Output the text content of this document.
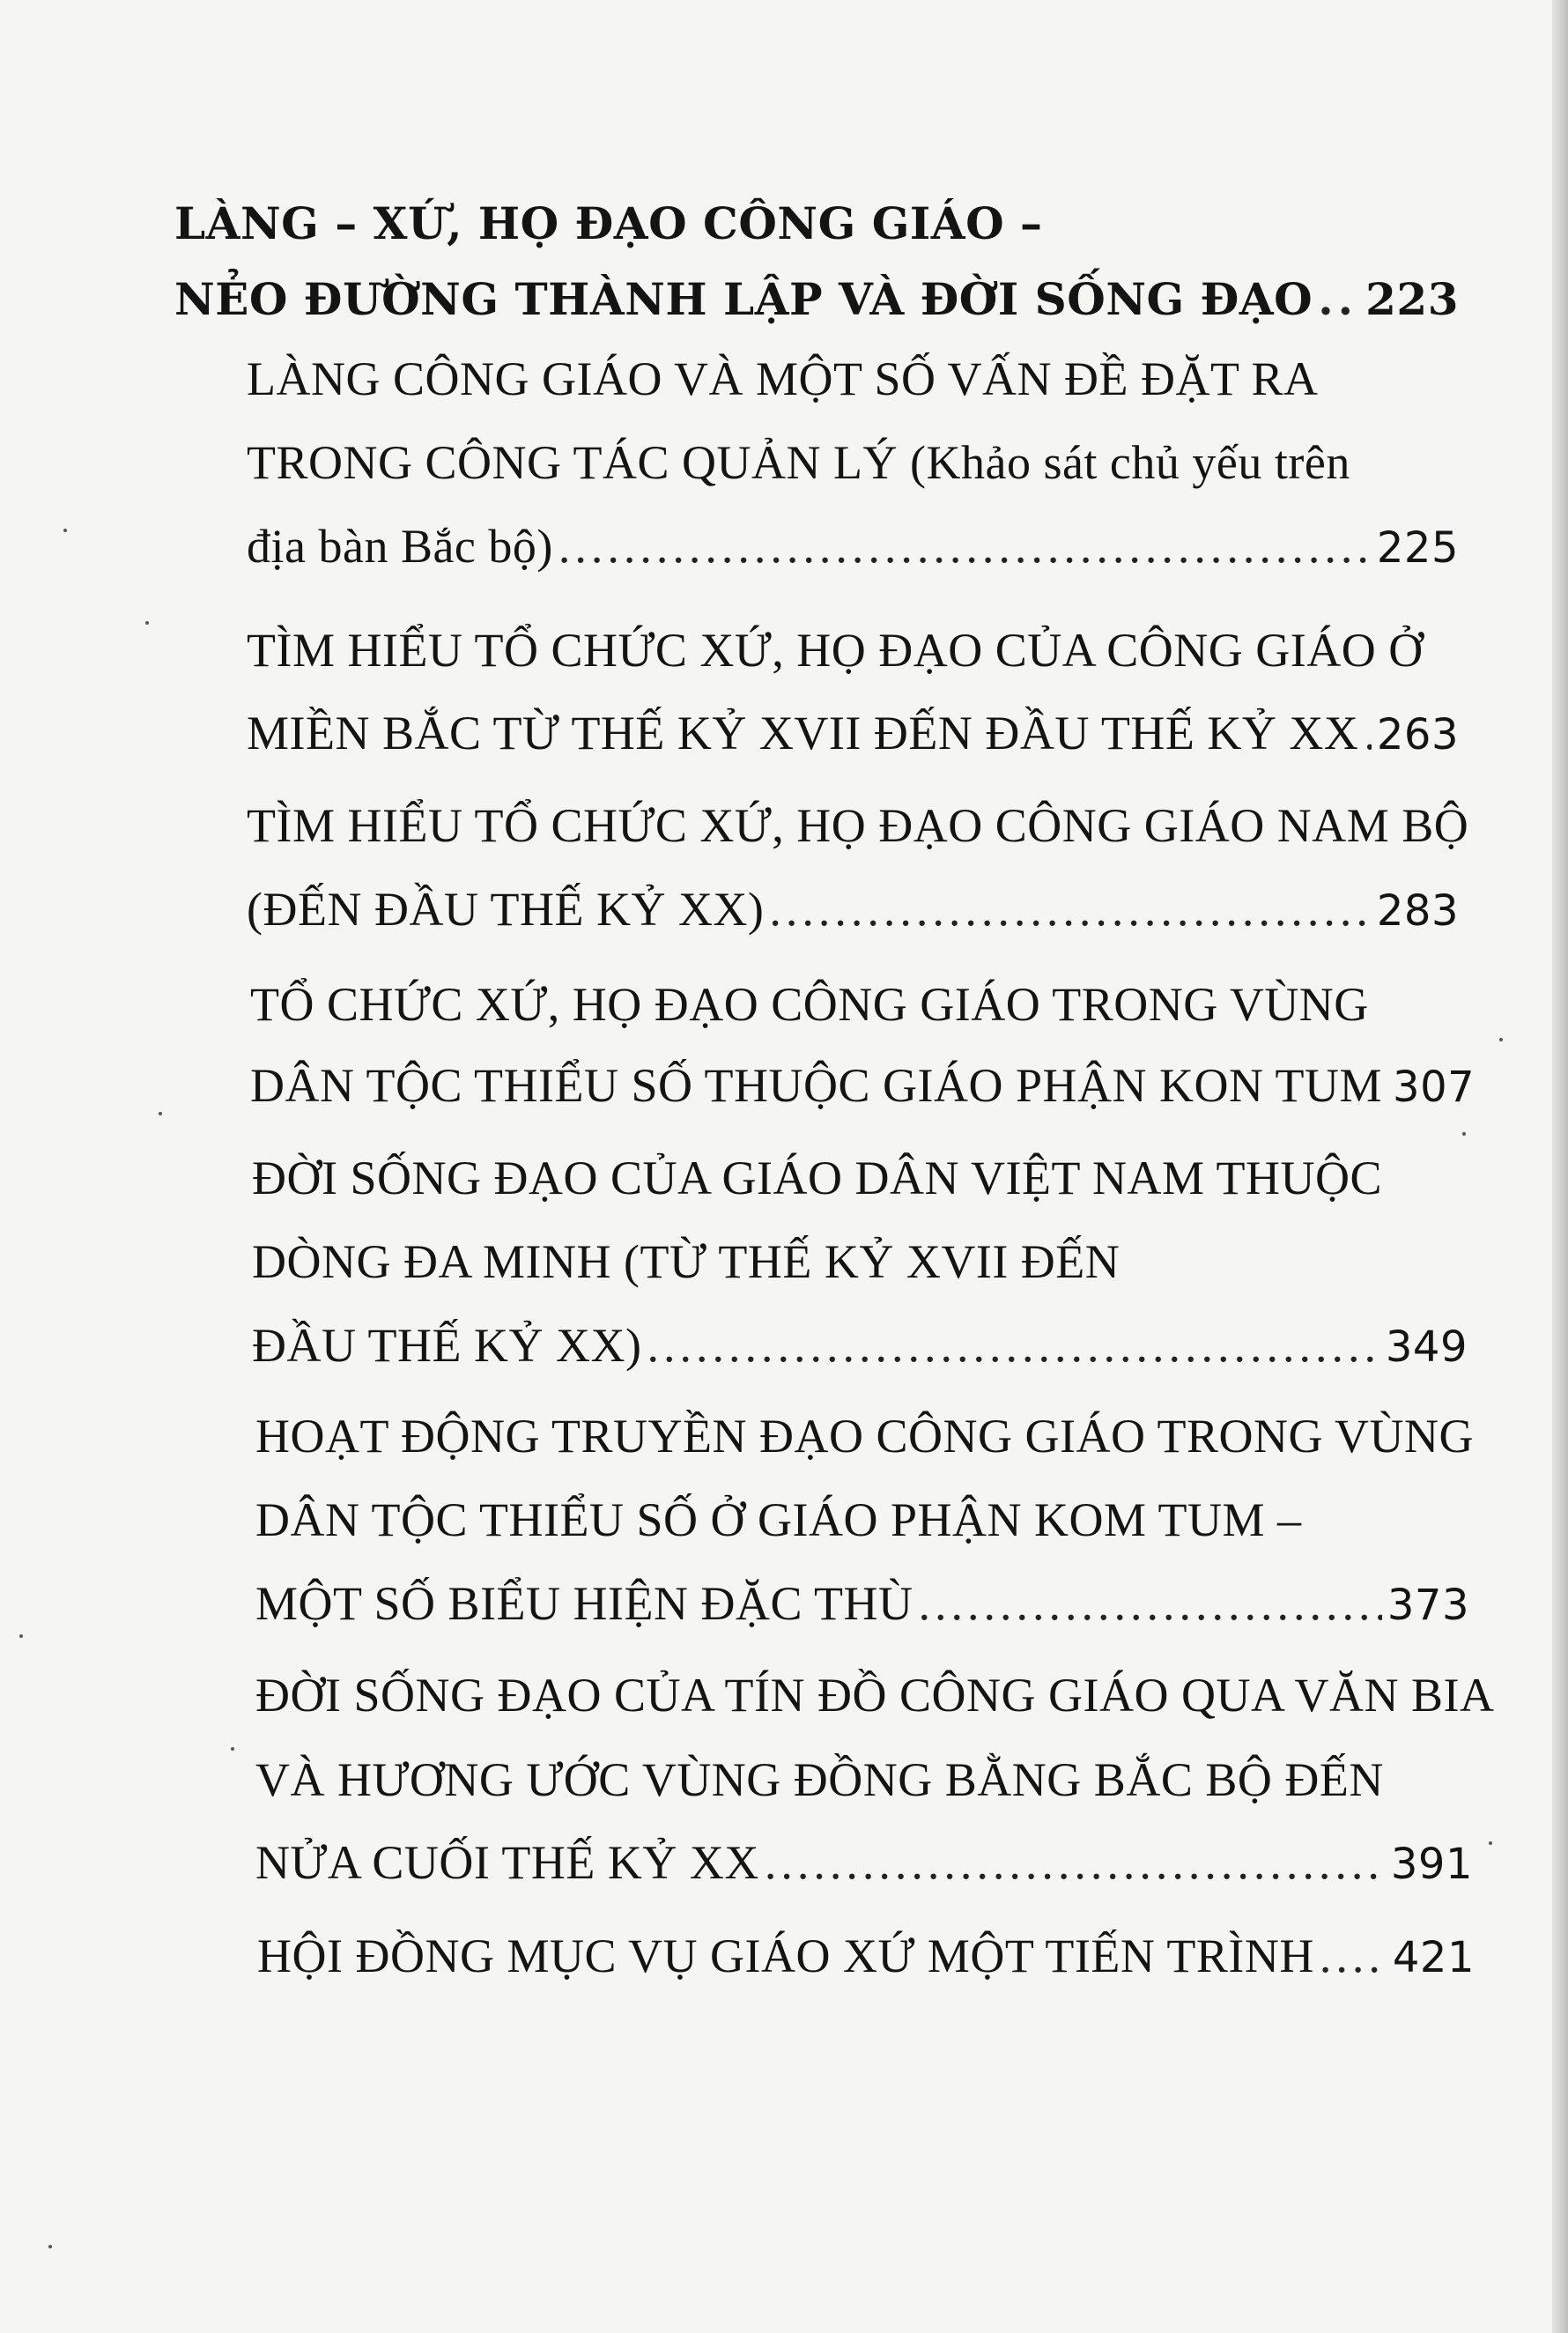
LÀNG – XỨ, HỌ ĐẠO CÔNG GIÁO –
NẺO ĐƯỜNG THÀNH LẬP VÀ ĐỜI SỐNG ĐẠO ..... 223
LÀNG CÔNG GIÁO VÀ MỘT SỐ VẤN ĐỀ ĐẶT RA
TRONG CÔNG TÁC QUẢN LÝ (Khảo sát chủ yếu trên
địa bàn Bắc bộ) .....	225
TÌM HIỂU TỔ CHỨC XỨ, HỌ ĐẠO CỦA CÔNG GIÁO Ở
MIỀN BẮC TỪ THẾ KỶ XVII ĐẾN ĐẦU THẾ KỶ XX ..... 263
TÌM HIỂU TỔ CHỨC XỨ, HỌ ĐẠO CÔNG GIÁO NAM BỘ
(ĐẾN ĐẦU THẾ KỶ XX) .....	283
TỔ CHỨC XỨ, HỌ ĐẠO CÔNG GIÁO TRONG VÙNG
DÂN TỘC THIỂU SỐ THUỘC GIÁO PHẬN KON TUM 307
ĐỜI SỐNG ĐẠO CỦA GIÁO DÂN VIỆT NAM THUỘC
DÒNG ĐA MINH (TỪ THẾ KỶ XVII ĐẾN
ĐẦU THẾ KỶ XX) .....	349
HOẠT ĐỘNG TRUYỀN ĐẠO CÔNG GIÁO TRONG VÙNG
DÂN TỘC THIỂU SỐ Ở GIÁO PHẬN KOM TUM –
MỘT SỐ BIỂU HIỆN ĐẶC THÙ .....	373
ĐỜI SỐNG ĐẠO CỦA TÍN ĐỒ CÔNG GIÁO QUA VĂN BIA
VÀ HƯƠNG ƯỚC VÙNG ĐỒNG BẰNG BẮC BỘ ĐẾN
NỬA CUỐI THẾ KỶ XX .....	391
HỘI ĐỒNG MỤC VỤ GIÁO XỨ MỘT TIẾN TRÌNH ..... 421
